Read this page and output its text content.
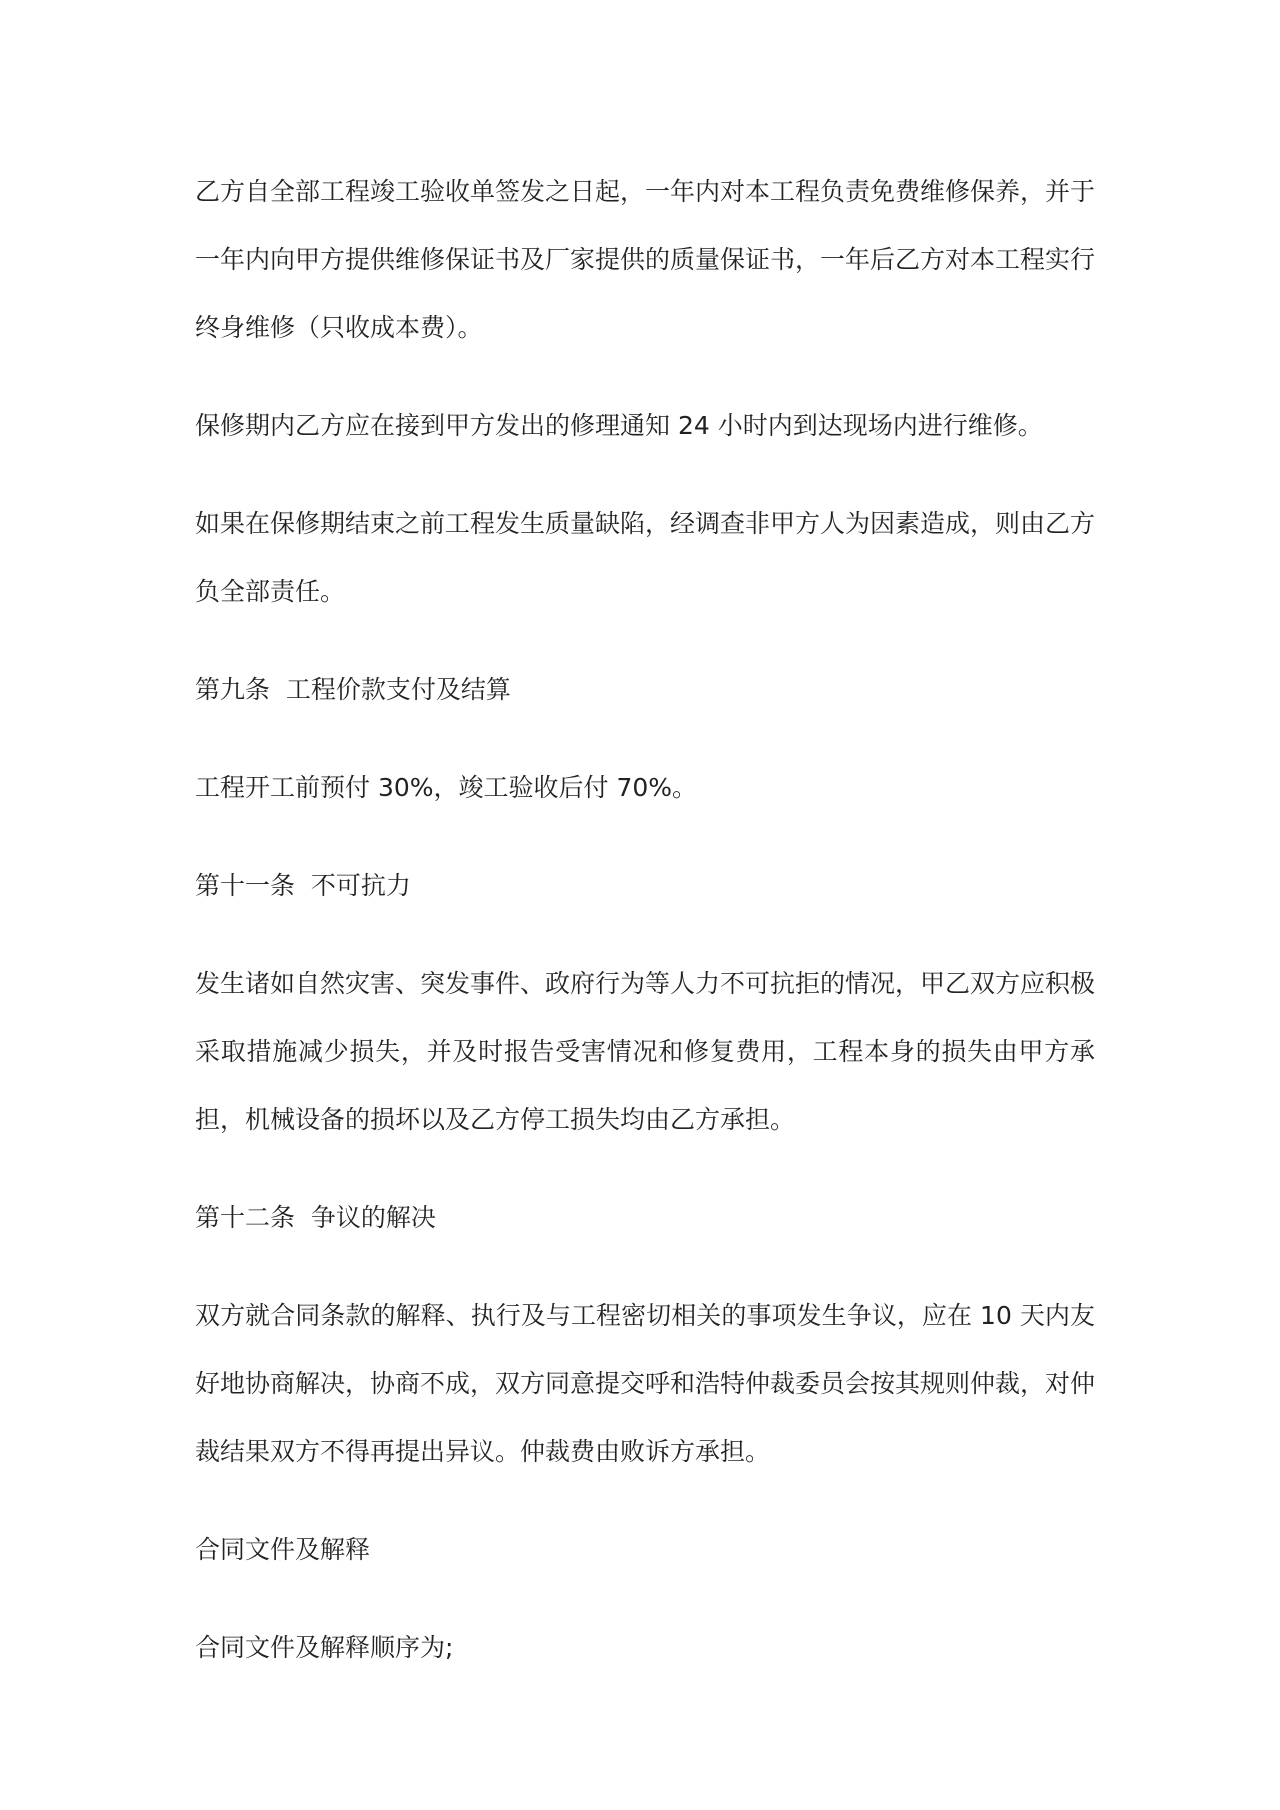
乙方自全部工程竣工验收单签发之日起，一年内对本工程负责免费维修保养，并于一年内向甲方提供维修保证书及厂家提供的质量保证书，一年后乙方对本工程实行终身维修（只收成本费）。

保修期内乙方应在接到甲方发出的修理通知 24 小时内到达现场内进行维修。

如果在保修期结束之前工程发生质量缺陷，经调查非甲方人为因素造成，则由乙方负全部责任。

第九条  工程价款支付及结算

工程开工前预付 30%，竣工验收后付 70%。

第十一条  不可抗力

发生诸如自然灾害、突发事件、政府行为等人力不可抗拒的情况，甲乙双方应积极采取措施减少损失，并及时报告受害情况和修复费用，工程本身的损失由甲方承担，机械设备的损坏以及乙方停工损失均由乙方承担。

第十二条  争议的解决

双方就合同条款的解释、执行及与工程密切相关的事项发生争议，应在 10 天内友好地协商解决，协商不成，双方同意提交呼和浩特仲裁委员会按其规则仲裁，对仲裁结果双方不得再提出异议。仲裁费由败诉方承担。

合同文件及解释

合同文件及解释顺序为;
